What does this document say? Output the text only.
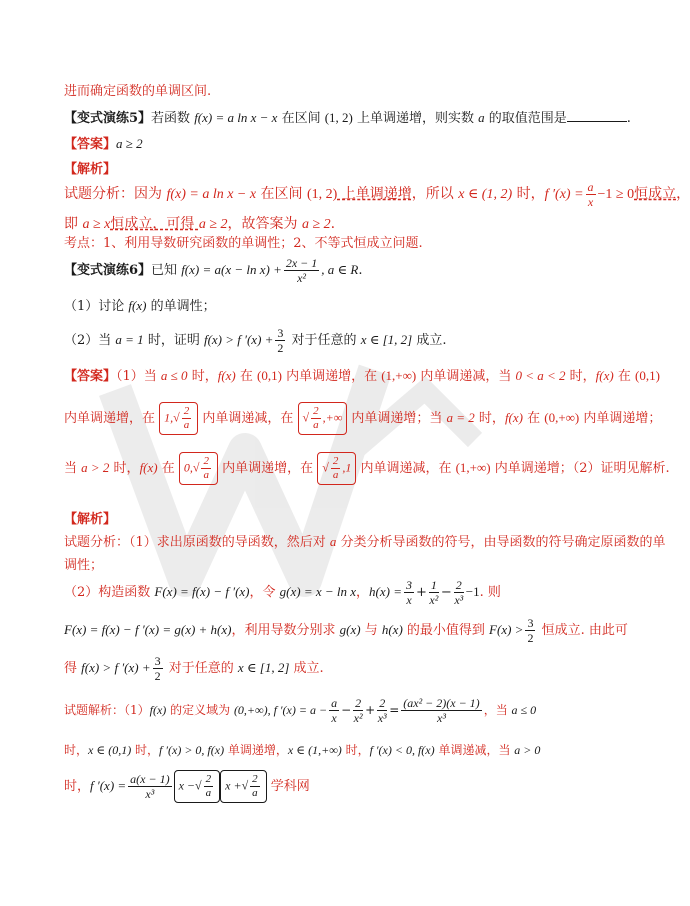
进而确定函数的单调区间.
【变式演练5】若函数 f(x) = a ln x − x 在区间 (1, 2) 上单调递增，则实数 a 的取值范围是	.
【答案】a ≥ 2
【解析】
试题分析：因为 f(x) = a ln x − x 在区间 (1, 2) 上单调递增，所以 x ∈ (1, 2) 时，f $'(x) = \frac{a}{x} -1 \ge 0$恒成立，
即 a ≥ x恒成立，可得 a ≥ 2，故答案为 a ≥ 2.
考点：1、利用导数研究函数的单调性；2、不等式恒成立问题.
【变式演练6】已知 $f(x) = a(x - \ln x) + \frac{2x - 1}{\text{x²}}$ , a ∈ R.
（1）讨论 f(x) 的单调性；
（2）当 a = 1 时，证明 f(x) > f $'(x) + \frac{3}{2}$ 对于任意的 x ∈ [1, 2] 成立.
【答案】（1）当 a ≤ 0 时，f(x) 在 (0,1) 内单调递增，在 (1,+∞) 内单调递减，当 0 < a < 2 时，f(x) 在 (0,1)
内单调递增，在 $1,√ \frac{2}{a}$ 内单调递减，在 √ $\frac{2}{a}$ ,+∞ 内单调递增；当 a = 2 时，f(x) 在 (0,+∞) 内单调递增；
当 a > 2 时，f(x) 在 $0,√ \frac{2}{a}$ 内单调递增，在 √ $\frac{2}{a} ,1$ 内单调递减，在 (1,+∞) 内单调递增；（2）证明见解析.
【解析】
试题分析：（1）求出原函数的导函数，然后对 a 分类分析导函数的符号，由导函数的符号确定原函数的单
调性；
（2）构造函数 F(x) = f(x) − f ′(x)，令 g(x) = x − ln x，$h(x) = \frac{3}{x} + \frac{1}{\text{x²}} - \frac{2}{\text{x³}} -1$. 则
F(x) = f(x) − f ′(x) = g(x) + h(x)，利用导数分别求 g(x) 与 h(x) 的最小值得到 $F(x) > \frac{3}{2}$ 恒成立. 由此可
得 f(x) > f $'(x) + \frac{3}{2}$ 对于任意的 x ∈ [1, 2] 成立.
试题解析：（1）f(x) 的定义域为 (0,+∞), f $'(x) = a - \frac{a}{x} - \frac{2}{\text{x²}} + \frac{2}{\text{x³}} = \frac{\text{(ax² − 2)(x − 1)}}{\text{x³}}$ ，当 a ≤ 0
时，x ∈ (0,1) 时，f ′(x) > 0, f(x) 单调递增，x ∈ (1,+∞) 时，f ′(x) < 0, f(x) 单调递减，当 a > 0
时，f $'(x) = \frac{a(x - 1)}{\text{x³}}$ x −√ $\frac{2}{a}$ x +√ $\frac{2}{a}$ 学科网
